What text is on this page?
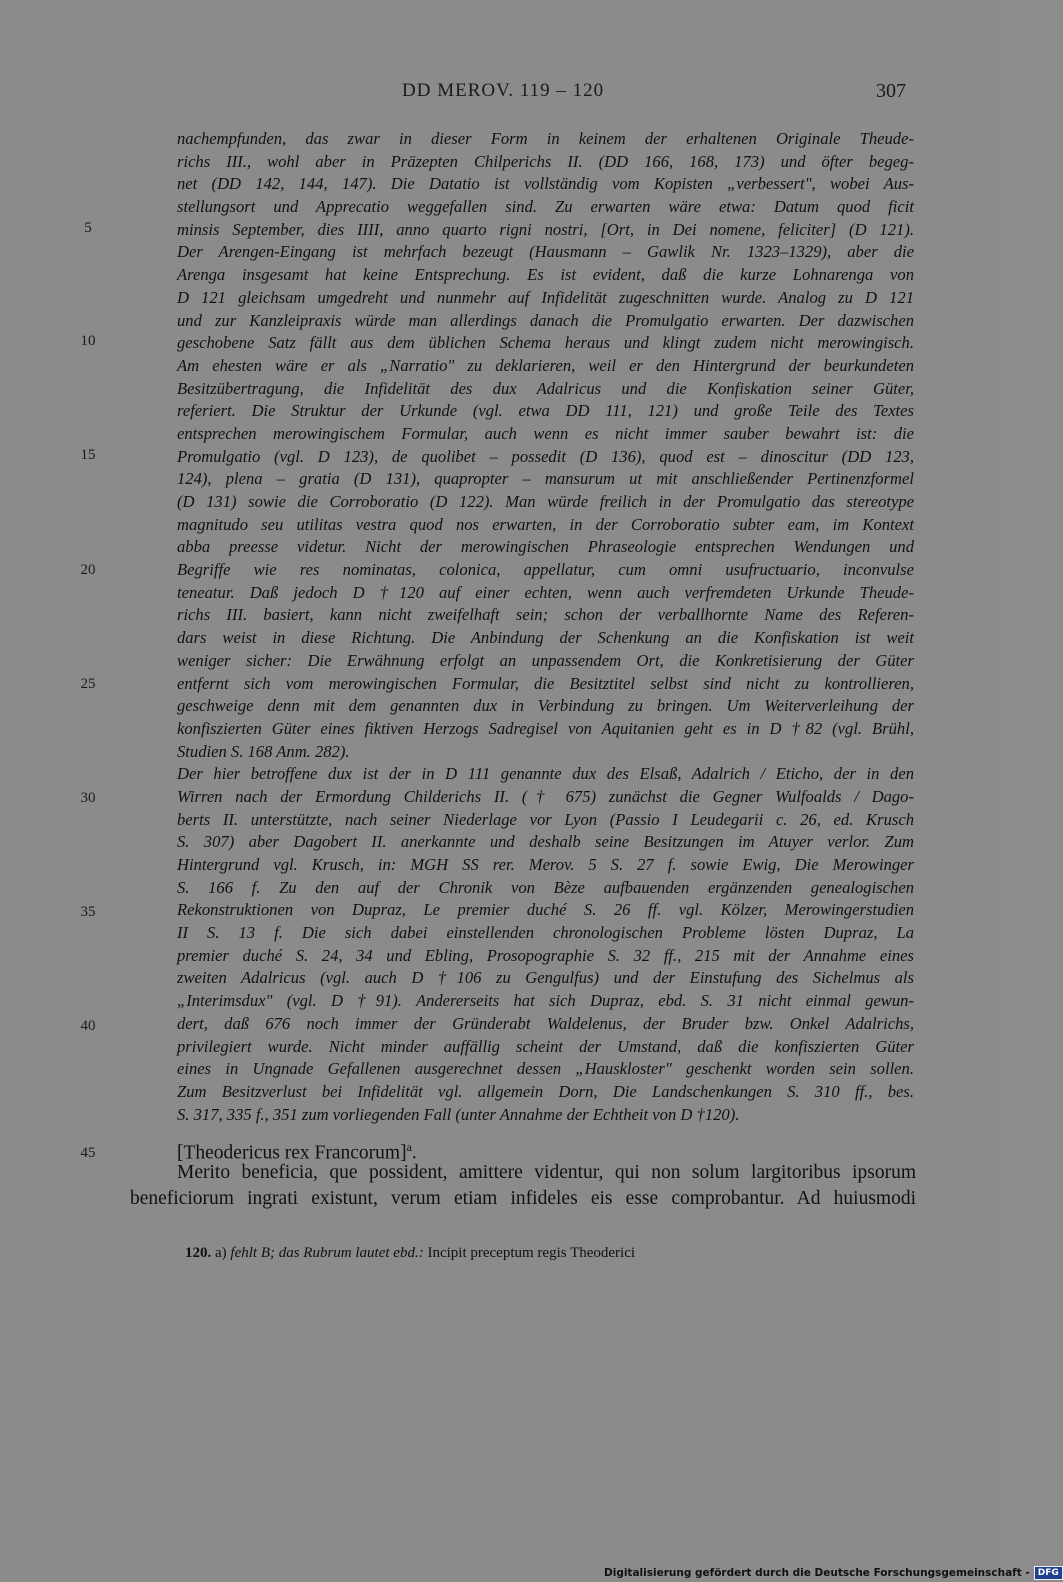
DD MEROV. 119 – 120	307
5
10
15
20
25
30
35
40
45
nachempfunden, das zwar in dieser Form in keinem der erhaltenen Originale Theude-
richs III., wohl aber in Präzepten Chilperichs II. (DD 166, 168, 173) und öfter begeg-
net (DD 142, 144, 147). Die Datatio ist vollständig vom Kopisten „verbessert", wobei Aus-
stellungsort und Apprecatio weggefallen sind. Zu erwarten wäre etwa: Datum quod ficit
minsis September, dies IIII, anno quarto rigni nostri, [Ort, in Dei nomene, feliciter] (D 121).
Der Arengen-Eingang ist mehrfach bezeugt (Hausmann – Gawlik Nr. 1323–1329), aber die
Arenga insgesamt hat keine Entsprechung. Es ist evident, daß die kurze Lohnarenga von
D 121 gleichsam umgedreht und nunmehr auf Infidelität zugeschnitten wurde. Analog zu D 121
und zur Kanzleipraxis würde man allerdings danach die Promulgatio erwarten. Der dazwischen
geschobene Satz fällt aus dem üblichen Schema heraus und klingt zudem nicht merowingisch.
Am ehesten wäre er als „Narratio" zu deklarieren, weil er den Hintergrund der beurkundeten
Besitzübertragung, die Infidelität des dux Adalricus und die Konfiskation seiner Güter,
referiert. Die Struktur der Urkunde (vgl. etwa DD 111, 121) und große Teile des Textes
entsprechen merowingischem Formular, auch wenn es nicht immer sauber bewahrt ist: die
Promulgatio (vgl. D 123), de quolibet – possedit (D 136), quod est – dinoscitur (DD 123,
124), plena – gratia (D 131), quapropter – mansurum ut mit anschließender Pertinenzformel
(D 131) sowie die Corroboratio (D 122). Man würde freilich in der Promulgatio das stereotype
magnitudo seu utilitas vestra quod nos erwarten, in der Corroboratio subter eam, im Kontext
abba preesse videtur. Nicht der merowingischen Phraseologie entsprechen Wendungen und
Begriffe wie res nominatas, colonica, appellatur, cum omni usufructuario, inconvulse
teneatur. Daß jedoch D †120 auf einer echten, wenn auch verfremdeten Urkunde Theude-
richs III. basiert, kann nicht zweifelhaft sein; schon der verballhornte Name des Referen-
dars weist in diese Richtung. Die Anbindung der Schenkung an die Konfiskation ist weit
weniger sicher: Die Erwähnung erfolgt an unpassendem Ort, die Konkretisierung der Güter
entfernt sich vom merowingischen Formular, die Besitztitel selbst sind nicht zu kontrollieren,
geschweige denn mit dem genannten dux in Verbindung zu bringen. Um Weiterverleihung der
konfiszierten Güter eines fiktiven Herzogs Sadregisel von Aquitanien geht es in D †82 (vgl. Brühl,
Studien S. 168 Anm. 282).
Der hier betroffene dux ist der in D 111 genannte dux des Elsaß, Adalrich / Eticho, der in den
Wirren nach der Ermordung Childerichs II. († 675) zunächst die Gegner Wulfoalds / Dago-
berts II. unterstützte, nach seiner Niederlage vor Lyon (Passio I Leudegarii c. 26, ed. Krusch
S. 307) aber Dagobert II. anerkannte und deshalb seine Besitzungen im Atuyer verlor. Zum
Hintergrund vgl. Krusch, in: MGH SS rer. Merov. 5 S. 27 f. sowie Ewig, Die Merowinger
S. 166 f. Zu den auf der Chronik von Bèze aufbauenden ergänzenden genealogischen
Rekonstruktionen von Dupraz, Le premier duché S. 26 ff. vgl. Kölzer, Merowingerstudien
II S. 13 f. Die sich dabei einstellenden chronologischen Probleme lösten Dupraz, La
premier duché S. 24, 34 und Ebling, Prosopographie S. 32 ff., 215 mit der Annahme eines
zweiten Adalricus (vgl. auch D †106 zu Gengulfus) und der Einstufung des Sichelmus als
„Interimsdux" (vgl. D †91). Andererseits hat sich Dupraz, ebd. S. 31 nicht einmal gewun-
dert, daß 676 noch immer der Gründerabt Waldelenus, der Bruder bzw. Onkel Adalrichs,
privilegiert wurde. Nicht minder auffällig scheint der Umstand, daß die konfiszierten Güter
eines in Ungnade Gefallenen ausgerechnet dessen „Hauskloster" geschenkt worden sein sollen.
Zum Besitzverlust bei Infidelität vgl. allgemein Dorn, Die Landschenkungen S. 310 ff., bes.
S. 317, 335 f., 351 zum vorliegenden Fall (unter Annahme der Echtheit von D †120).
[Theodericus rex Francorum]$^a$.
Merito beneficia, que possident, amittere videntur, qui non solum largitoribus ipsorum
beneficiorum ingrati existunt, verum etiam infideles eis esse comprobantur. Ad huiusmodi
120. a) fehlt B; das Rubrum lautet ebd.: Incipit preceptum regis Theoderici
Digitalisierung gefördert durch die Deutsche Forschungsgemeinschaft - DFG
